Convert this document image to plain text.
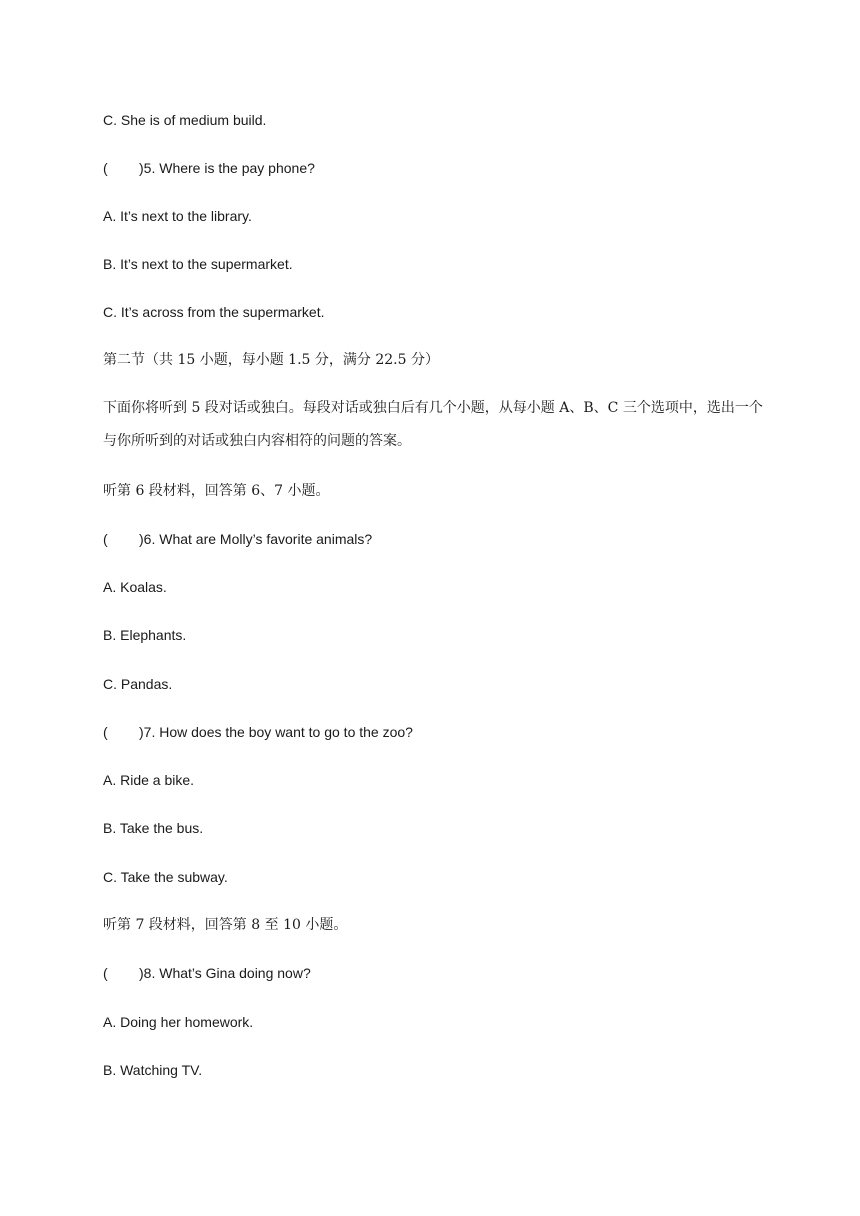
C. She is of medium build.
( )5. Where is the pay phone?
A. It’s next to the library.
B. It’s next to the supermarket.
C. It’s across from the supermarket.
第二节（共 15 小题，每小题 1.5 分，满分 22.5 分）
下面你将听到 5 段对话或独白。每段对话或独白后有几个小题，从每小题 A、B、C 三个选项中，选出一个与你所听到的对话或独白内容相符的问题的答案。
听第 6 段材料，回答第 6、7 小题。
( )6. What are Molly’s favorite animals?
A. Koalas.
B. Elephants.
C. Pandas.
( )7. How does the boy want to go to the zoo?
A. Ride a bike.
B. Take the bus.
C. Take the subway.
听第 7 段材料，回答第 8 至 10 小题。
( )8. What’s Gina doing now?
A. Doing her homework.
B. Watching TV.
